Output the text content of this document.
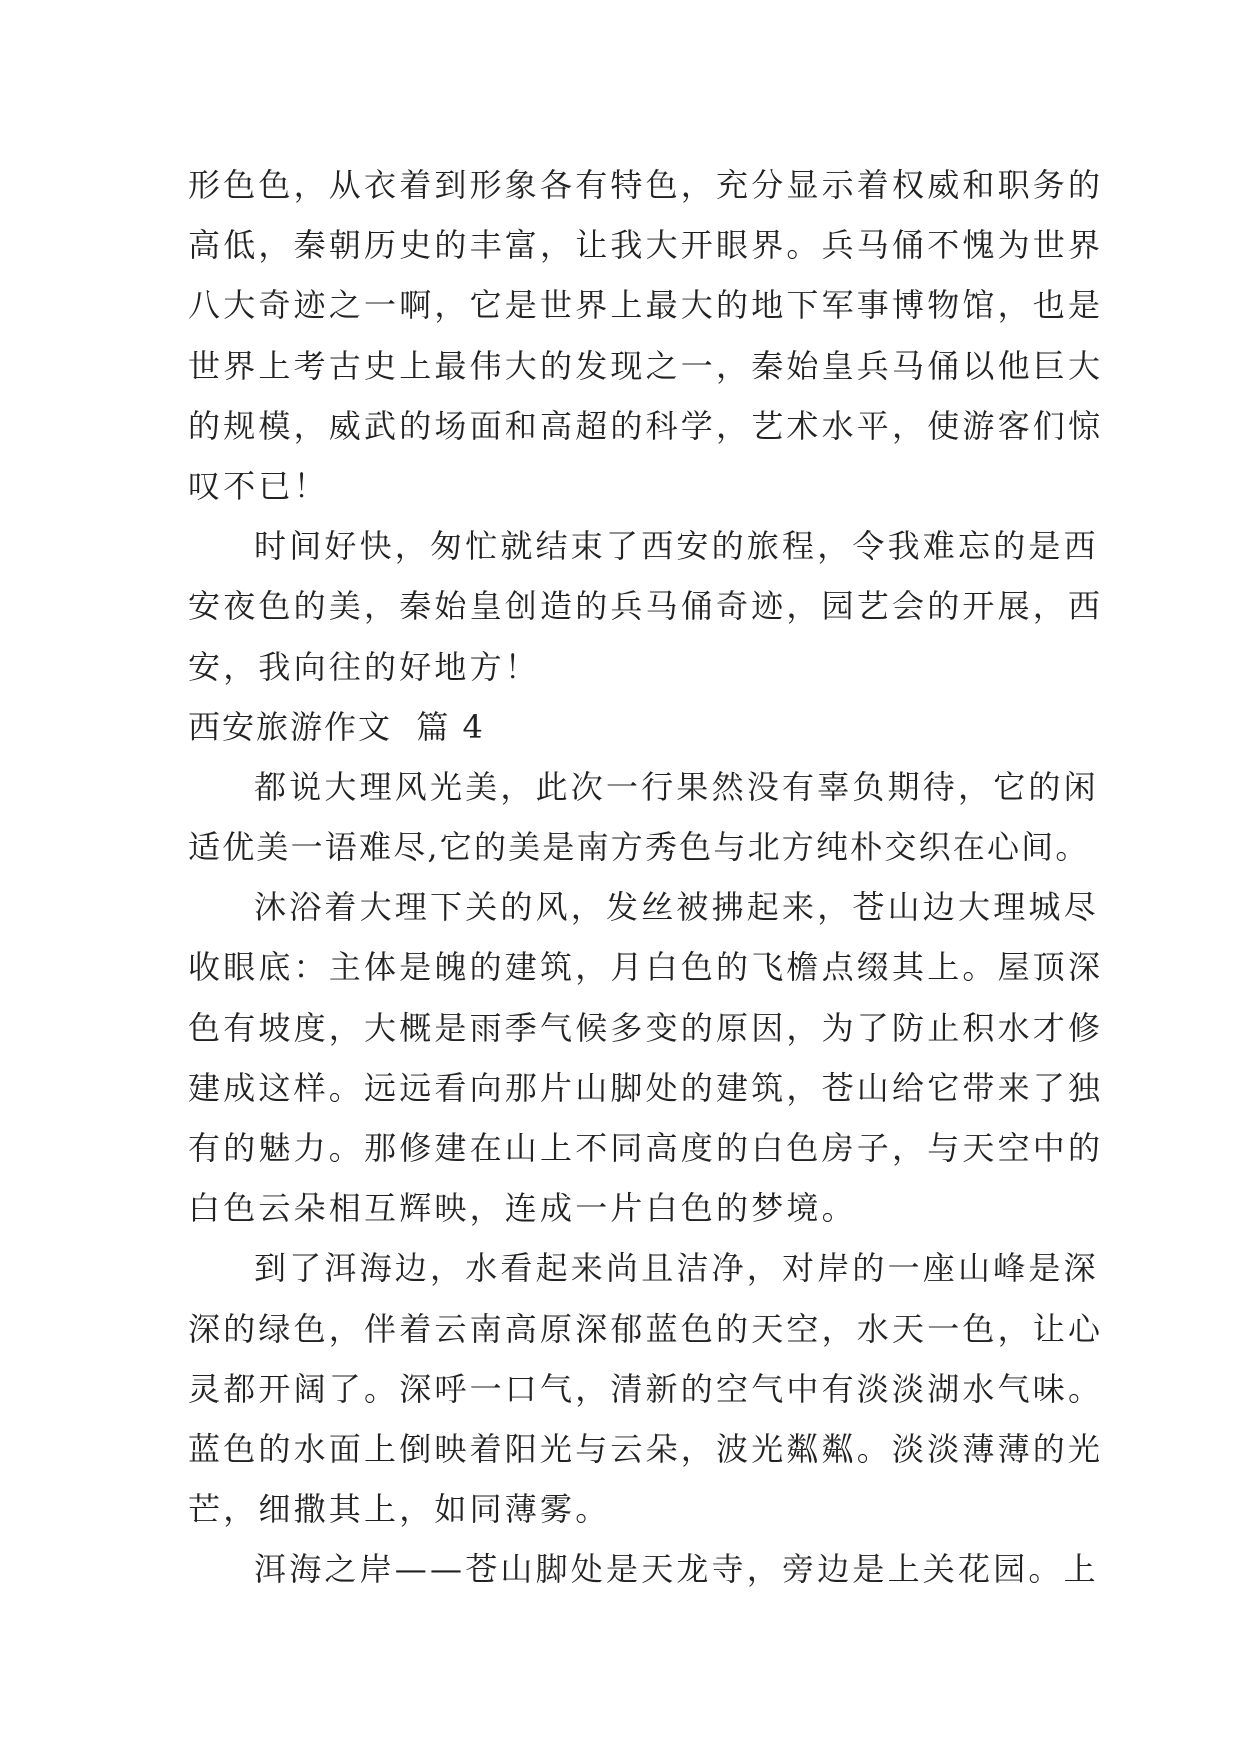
形色色，从衣着到形象各有特色，充分显示着权威和职务的
高低，秦朝历史的丰富，让我大开眼界。兵马俑不愧为世界
八大奇迹之一啊，它是世界上最大的地下军事博物馆，也是
世界上考古史上最伟大的发现之一，秦始皇兵马俑以他巨大
的规模，威武的场面和高超的科学，艺术水平，使游客们惊
叹不已！
时间好快，匆忙就结束了西安的旅程，令我难忘的是西
安夜色的美，秦始皇创造的兵马俑奇迹，园艺会的开展，西
安，我向往的好地方！
西安旅游作文  篇 4
都说大理风光美，此次一行果然没有辜负期待，它的闲
适优美一语难尽,它的美是南方秀色与北方纯朴交织在心间。
沐浴着大理下关的风，发丝被拂起来，苍山边大理城尽
收眼底：主体是魄的建筑，月白色的飞檐点缀其上。屋顶深
色有坡度，大概是雨季气候多变的原因，为了防止积水才修
建成这样。远远看向那片山脚处的建筑，苍山给它带来了独
有的魅力。那修建在山上不同高度的白色房子，与天空中的
白色云朵相互辉映，连成一片白色的梦境。
到了洱海边，水看起来尚且洁净，对岸的一座山峰是深
深的绿色，伴着云南高原深郁蓝色的天空，水天一色，让心
灵都开阔了。深呼一口气，清新的空气中有淡淡湖水气味。
蓝色的水面上倒映着阳光与云朵，波光粼粼。淡淡薄薄的光
芒，细撒其上，如同薄雾。
洱海之岸——苍山脚处是天龙寺，旁边是上关花园。上
